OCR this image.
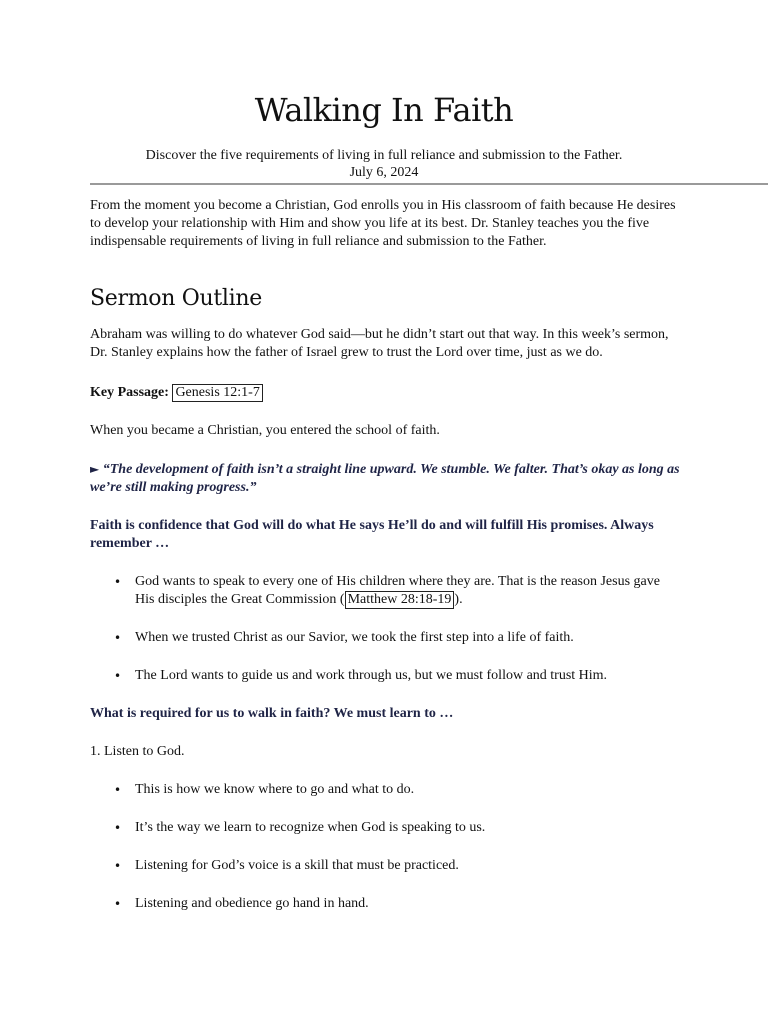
Walking In Faith

Discover the five requirements of living in full reliance and submission to the Father.

July 6, 2024

From the moment you become a Christian, God enrolls you in His classroom of faith because He desires to develop your relationship with Him and show you life at its best. Dr. Stanley teaches you the five indispensable requirements of living in full reliance and submission to the Father.

Sermon Outline

Abraham was willing to do whatever God said—but he didn’t start out that way. In this week’s sermon, Dr. Stanley explains how the father of Israel grew to trust the Lord over time, just as we do.

Key Passage: Genesis 12:1-7

When you became a Christian, you entered the school of faith.

► “The development of faith isn’t a straight line upward. We stumble. We falter. That’s okay as long as we’re still making progress.”

Faith is confidence that God will do what He says He’ll do and will fulfill His promises. Always remember …

• God wants to speak to every one of His children where they are. That is the reason Jesus gave His disciples the Great Commission ( Matthew 28:18-19 ).
• When we trusted Christ as our Savior, we took the first step into a life of faith.
• The Lord wants to guide us and work through us, but we must follow and trust Him.

What is required for us to walk in faith? We must learn to …

1. Listen to God.

• This is how we know where to go and what to do.
• It’s the way we learn to recognize when God is speaking to us.
• Listening for God’s voice is a skill that must be practiced.
• Listening and obedience go hand in hand.
